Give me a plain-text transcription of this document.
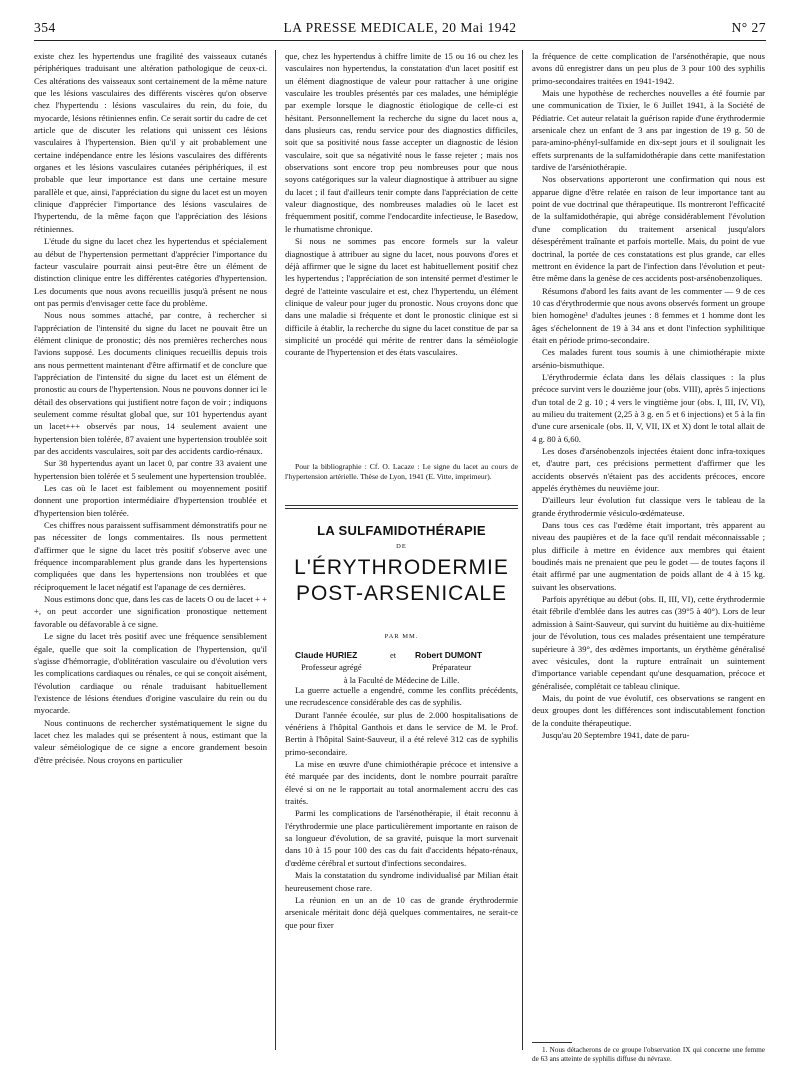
354	LA PRESSE MEDICALE, 20 Mai 1942	N° 27

existe chez les hypertendus une fragilité des vaisseaux cutanés périphériques traduisant une altération pathologique de ceux-ci. Ces altérations des vaisseaux sont certainement de la même nature que les lésions vasculaires des différents viscères qu'on observe chez l'hypertendu : lésions vasculaires du rein, du foie, du myocarde, lésions rétiniennes enfin. Ce serait sortir du cadre de cet article que de discuter les relations qui unissent ces lésions vasculaires à l'hypertension. Bien qu'il y ait probablement une certaine indépendance entre les lésions vasculaires des différents organes et les lésions vasculaires cutanées périphériques, il est probable que leur importance est dans une certaine mesure parallèle et que, ainsi, l'appréciation du signe du lacet est un moyen clinique d'apprécier l'importance des lésions vasculaires de l'hypertendu, de la même façon que l'appréciation des lésions rétiniennes.

L'étude du signe du lacet chez les hypertendus et spécialement au début de l'hypertension permettant d'apprécier l'importance du facteur vasculaire pourrait ainsi peut-être être un élément de distinction clinique entre les différentes catégories d'hypertension. Les documents que nous avons recueillis jusqu'à présent ne nous ont pas permis d'envisager cette face du problème.

Nous nous sommes attaché, par contre, à rechercher si l'appréciation de l'intensité du signe du lacet ne pouvait être un élément clinique de pronostic; dès nos premières recherches nous l'avions supposé. Les documents cliniques recueillis depuis trois ans nous permettent maintenant d'être affirmatif et de conclure que l'appréciation de l'intensité du signe du lacet est un élément de pronostic au cours de l'hypertension. Nous ne pouvons donner ici le détail des observations qui justifient notre façon de voir ; indiquons seulement comme résultat global que, sur 101 hypertendus ayant un lacet+++ observés par nous, 14 seulement avaient une hypertension bien tolérée, 87 avaient une hypertension troublée soit par des accidents vasculaires, soit par des accidents cardio-rénaux.

Sur 38 hypertendus ayant un lacet 0, par contre 33 avaient une hypertension bien tolérée et 5 seulement une hypertension troublée.

Les cas où le lacet est faiblement ou moyennement positif donnent une proportion intermédiaire d'hypertension troublée et d'hypertension bien tolérée.

Ces chiffres nous paraissent suffisamment démonstratifs pour ne pas nécessiter de longs commentaires. Ils nous permettent d'affirmer que le signe du lacet très positif s'observe avec une fréquence incomparablement plus grande dans les hypertensions compliquées que dans les hypertensions non troublées et que réciproquement le lacet négatif est l'apanage de ces dernières.

Nous estimons donc que, dans les cas de lacets O ou de lacet + + +, on peut accorder une signification pronostique nettement favorable ou défavorable à ce signe.

Le signe du lacet très positif avec une fréquence sensiblement égale, quelle que soit la complication de l'hypertension, qu'il s'agisse d'hémorragie, d'oblitération vasculaire ou d'évolution vers les complications cardiaques ou rénales, ce qui se conçoit aisément, l'évolution cardiaque ou rénale traduisant habituellement l'existence de lésions étendues d'origine vasculaire du rein ou du myocarde.

Nous continuons de rechercher systématiquement le signe du lacet chez les malades qui se présentent à nous, estimant que la valeur séméiologique de ce signe a encore grandement besoin d'être précisée. Nous croyons en particulier

que, chez les hypertendus à chiffre limite de 15 ou 16 ou chez les vasculaires non hypertendus, la constatation d'un lacet positif est un élément diagnostique de valeur pour rattacher à une origine vasculaire les troubles présentés par ces malades, une hémiplégie par exemple lorsque le diagnostic étiologique de celle-ci est hésitant. Personnellement la recherche du signe du lacet nous a, dans plusieurs cas, rendu service pour des diagnostics difficiles, soit que sa positivité nous fasse accepter un diagnostic de lésion vasculaire, soit que sa négativité nous le fasse rejeter ; mais nos observations sont encore trop peu nombreuses pour que nous soyons catégoriques sur la valeur diagnostique à attribuer au signe du lacet ; il faut d'ailleurs tenir compte dans l'appréciation de cette valeur diagnostique, des nombreuses maladies où le lacet est fréquemment positif, comme l'endocardite infectieuse, le Basedow, le rhumatisme chronique.

Si nous ne sommes pas encore formels sur la valeur diagnostique à attribuer au signe du lacet, nous pouvons d'ores et déjà affirmer que le signe du lacet est habituellement positif chez les hypertendus ; l'appréciation de son intensité permet d'estimer le degré de l'atteinte vasculaire et est, chez l'hypertendu, un élément clinique de valeur pour juger du pronostic. Nous croyons donc que dans une maladie si fréquente et dont le pronostic clinique est si difficile à établir, la recherche du signe du lacet constitue de par sa simplicité un procédé qui mérite de rentrer dans la séméiologie courante de l'hypertension et des états vasculaires.

Pour la bibliographie : Cf. O. Lacaze : Le signe du lacet au cours de l'hypertension artérielle. Thèse de Lyon, 1941 (E. Vitte, imprimeur).
LA SULFAMIDOTHÉRAPIE
DE
L'ÉRYTHRODERMIE
POST-ARSENICALE
PAR MM.
Claude HURIEZ	et Robert DUMONT
Professeur agrégé	Préparateur
à la Faculté de Médecine de Lille.

La guerre actuelle a engendré, comme les conflits précédents, une recrudescence considérable des cas de syphilis.

Durant l'année écoulée, sur plus de 2.000 hospitalisations de vénériens à l'hôpital Ganthois et dans le service de M. le Prof. Bertin à l'hôpital Saint-Sauveur, il a été relevé 312 cas de syphilis primo-secondaire.

La mise en œuvre d'une chimiothérapie précoce et intensive a été marquée par des incidents, dont le nombre pourrait paraître élevé si on ne le rapportait au total anormalement accru des cas traités.

Parmi les complications de l'arsénothérapie, il était reconnu à l'érythrodermie une place particulièrement importante en raison de sa longueur d'évolution, de sa gravité, puisque la mort survenait dans 10 à 15 pour 100 des cas du fait d'accidents hépato-rénaux, d'œdème cérébral et surtout d'infections secondaires.

Mais la constatation du syndrome individualisé par Milian était heureusement chose rare.

La réunion en un an de 10 cas de grande érythrodermie arsenicale méritait donc déjà quelques commentaires, ne serait-ce que pour fixer

la fréquence de cette complication de l'arsénothérapie, que nous avons dû enregistrer dans un peu plus de 3 pour 100 des syphilis primo-secondaires traitées en 1941-1942.

Mais une hypothèse de recherches nouvelles a été fournie par une communication de Tixier, le 6 Juillet 1941, à la Société de Pédiatrie. Cet auteur relatait la guérison rapide d'une érythrodermie arsenicale chez un enfant de 3 ans par ingestion de 19 g. 50 de para-amino-phényl-sulfamide en dix-sept jours et il soulignait les effets surprenants de la sulfamidothérapie dans cette manifestation tardive de l'arséniothérapie.

Nos observations apporteront une confirmation qui nous est apparue digne d'être relatée en raison de leur importance tant au point de vue doctrinal que thérapeutique. Ils montreront l'efficacité de la sulfamidothérapie, qui abrège considérablement l'évolution d'une complication du traitement arsenical jusqu'alors désespérément traînante et parfois mortelle. Mais, du point de vue doctrinal, la portée de ces constatations est plus grande, car elles mettront en évidence la part de l'infection dans l'évolution et peut-être même dans la genèse de ces accidents post-arsénobenzoliques.

Résumons d'abord les faits avant de les commenter — 9 de ces 10 cas d'érythrodermie que nous avons observés forment un groupe bien homogène¹ d'adultes jeunes : 8 femmes et 1 homme dont les âges s'échelonnent de 19 à 34 ans et dont l'infection syphilitique était en période primo-secondaire.

Ces malades furent tous soumis à une chimiothérapie mixte arsénio-bismuthique.

L'érythrodermie éclata dans les délais classiques : la plus précoce survint vers le douzième jour (obs. VIII), après 5 injections d'un total de 2 g. 10 ; 4 vers le vingtième jour (obs. I, III, IV, VI), au milieu du traitement (2,25 à 3 g. en 5 et 6 injections) et 5 à la fin d'une cure arsenicale (obs. II, V, VII, IX et X) dont le total allait de 4 g. 80 à 6,60.

Les doses d'arsénobenzols injectées étaient donc infra-toxiques et, d'autre part, ces précisions permettent d'affirmer que les accidents observés n'étaient pas des accidents précoces, encore appelés érythèmes du neuvième jour.

D'ailleurs leur évolution fut classique vers le tableau de la grande érythrodermie vésiculo-œdémateuse.

Dans tous ces cas l'œdème était important, très apparent au niveau des paupières et de la face qu'il rendait méconnaissable ; plus difficile à mettre en évidence aux membres qui étaient boudinés mais ne prenaient que peu le godet — de toutes façons il était affirmé par une augmentation de poids allant de 4 à 15 kg. suivant les observations.

Parfois apyrétique au début (obs. II, III, VI), cette érythrodermie était fébrile d'emblée dans les autres cas (39°5 à 40°). Lors de leur admission à Saint-Sauveur, qui survint du huitième au dix-huitième jour de l'évolution, tous ces malades présentaient une température supérieure à 39°, des œdèmes importants, un érythème généralisé avec vésicules, dont la rupture entraînait un suintement d'importance variable cependant qu'une desquamation, précoce et généralisée, complétait ce tableau clinique.

Mais, du point de vue évolutif, ces observations se rangent en deux groupes dont les différences sont indiscutablement fonction de la conduite thérapeutique.

Jusqu'au 20 Septembre 1941, date de paru-

1. Nous détacherons de ce groupe l'observation IX qui concerne une femme de 63 ans atteinte de syphilis diffuse du névraxe.
